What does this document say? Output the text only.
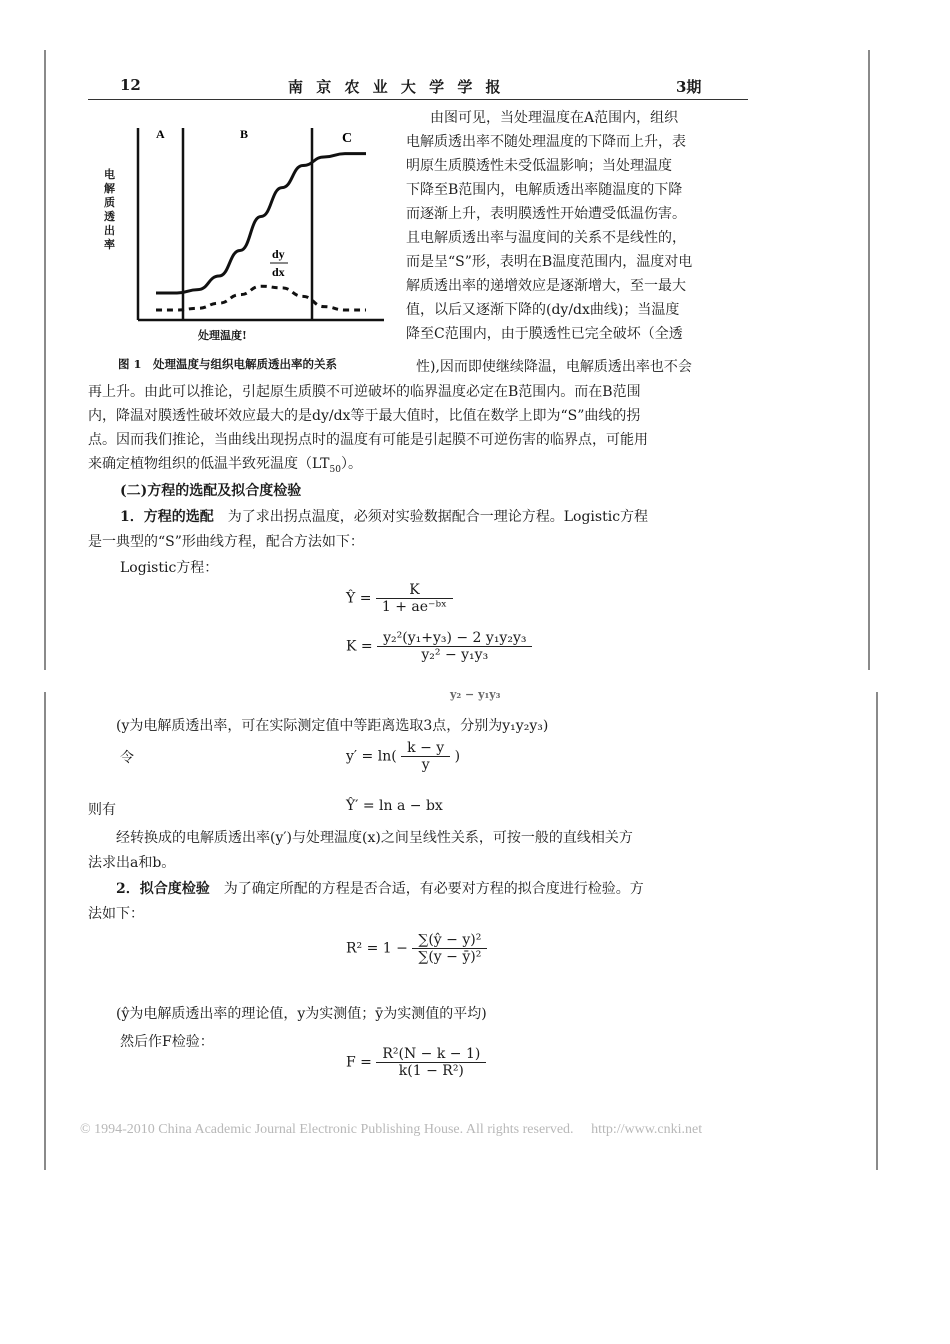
12	南 京 农 业 大 学 学 报	3期
A	B	C
dy
dx
电解质透出率
处理温度!
图 1　处理温度与组织电解质透出率的关系
由图可见，当处理温度在A范围内，组织
电解质透出率不随处理温度的下降而上升，表
明原生质膜透性未受低温影响；当处理温度
下降至B范围内，电解质透出率随温度的下降
而逐渐上升，表明膜透性开始遭受低温伤害。
且电解质透出率与温度间的关系不是线性的，
而是呈“S”形，表明在B温度范围内，温度对电
解质透出率的递增效应是逐渐增大，至一最大
值，以后又逐渐下降的(dy/dx曲线)；当温度
降至C范围内，由于膜透性已完全破坏（全透
性),因而即使继续降温，电解质透出率也不会
再上升。由此可以推论，引起原生质膜不可逆破坏的临界温度必定在B范围内。而在B范围
内，降温对膜透性破坏效应最大的是dy/dx等于最大值时，比值在数学上即为“S”曲线的拐
点。因而我们推论，当曲线出现拐点时的温度有可能是引起膜不可逆伤害的临界点，可能用
来确定植物组织的低温半致死温度$(LT_{50})$。
(二)方程的选配及拟合度检验
1．方程的选配　 为了求出拐点温度，必须对实验数据配合一理论方程。Logistic方程
是一典型的“S”形曲线方程，配合方法如下：
Logistic方程：
Ŷ = $\frac{K}{\text{1 + ae⁻ᵇˣ}}$
$K = \frac{\text{y₂²(y₁+y₃) − 2 y₁y₂y₃}}{\text{y₂² − y₁y₃}}$
y₂ − y₁y₃
(y为电解质透出率，可在实际测定值中等距离选取3点，分别为y₁y₂y₃)
令	$y' = \ln( \frac{k - y}{y}$ )
则有	Ŷ′ = ln a − bx
经转换成的电解质透出率(y′)与处理温度(x)之间呈线性关系，可按一般的直线相关方
法求出a和b。
2．拟合度检验　 为了确定所配的方程是否合适，有必要对方程的拟合度进行检验。方
法如下：
$R^2 = 1 - \frac{\text{∑(ŷ − y)²}}{\text{∑(y − ȳ)²}}$
(ŷ为电解质透出率的理论值，y为实测值；ȳ为实测值的平均)
然后作F检验：
$F = \frac{\text{R²(N − k − 1)}}{\text{k(1 − R²)}}$
© 1994-2010 China Academic Journal Electronic Publishing House. All rights reserved. http://www.cnki.net
